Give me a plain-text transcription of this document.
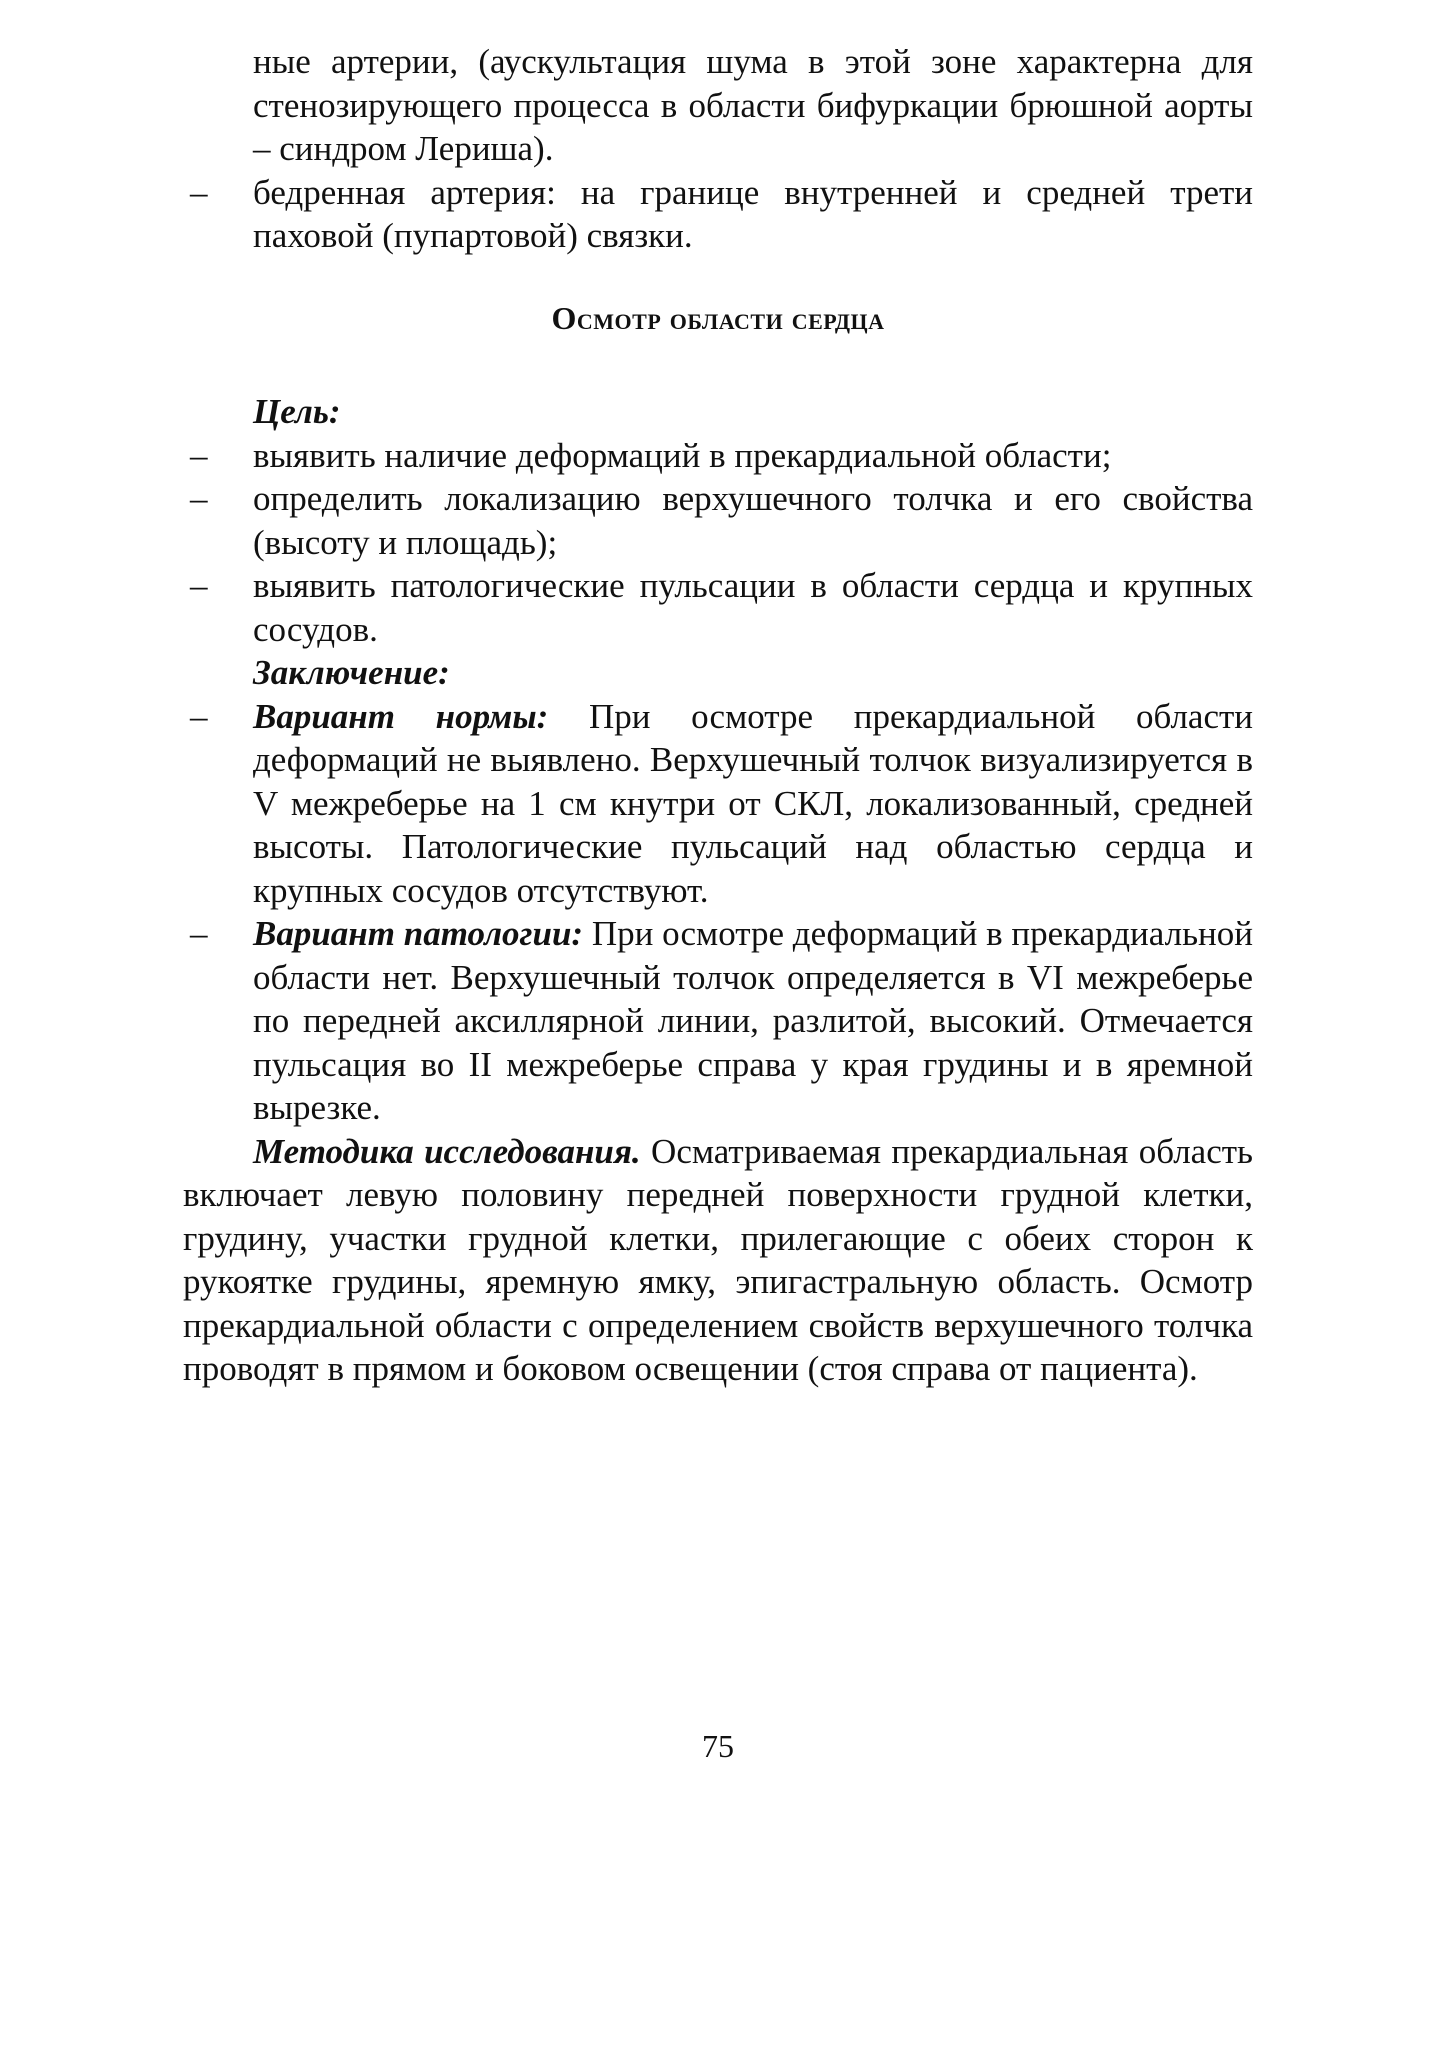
ные артерии, (аускультация шума в этой зоне характерна для стенозирующего процесса в области бифуркации брюшной аорты – синдром Лериша).
– бедренная артерия: на границе внутренней и средней трети паховой (пупартовой) связки.
Осмотр области сердца
Цель:
– выявить наличие деформаций в прекардиальной области;
– определить локализацию верхушечного толчка и его свойства (высоту и площадь);
– выявить патологические пульсации в области сердца и крупных сосудов.
Заключение:
– Вариант нормы: При осмотре прекардиальной области деформаций не выявлено. Верхушечный толчок визуализируется в V межреберье на 1 см кнутри от СКЛ, локализованный, средней высоты. Патологические пульсаций над областью сердца и крупных сосудов отсутствуют.
– Вариант патологии: При осмотре деформаций в прекардиальной области нет. Верхушечный толчок определяется в VI межреберье по передней аксиллярной линии, разлитой, высокий. Отмечается пульсация во II межреберье справа у края грудины и в яремной вырезке.
Методика исследования. Осматриваемая прекардиальная область включает левую половину передней поверхности грудной клетки, грудину, участки грудной клетки, прилегающие с обеих сторон к рукоятке грудины, яремную ямку, эпигастральную область. Осмотр прекардиальной области с определением свойств верхушечного толчка проводят в прямом и боковом освещении (стоя справа от пациента).
75
